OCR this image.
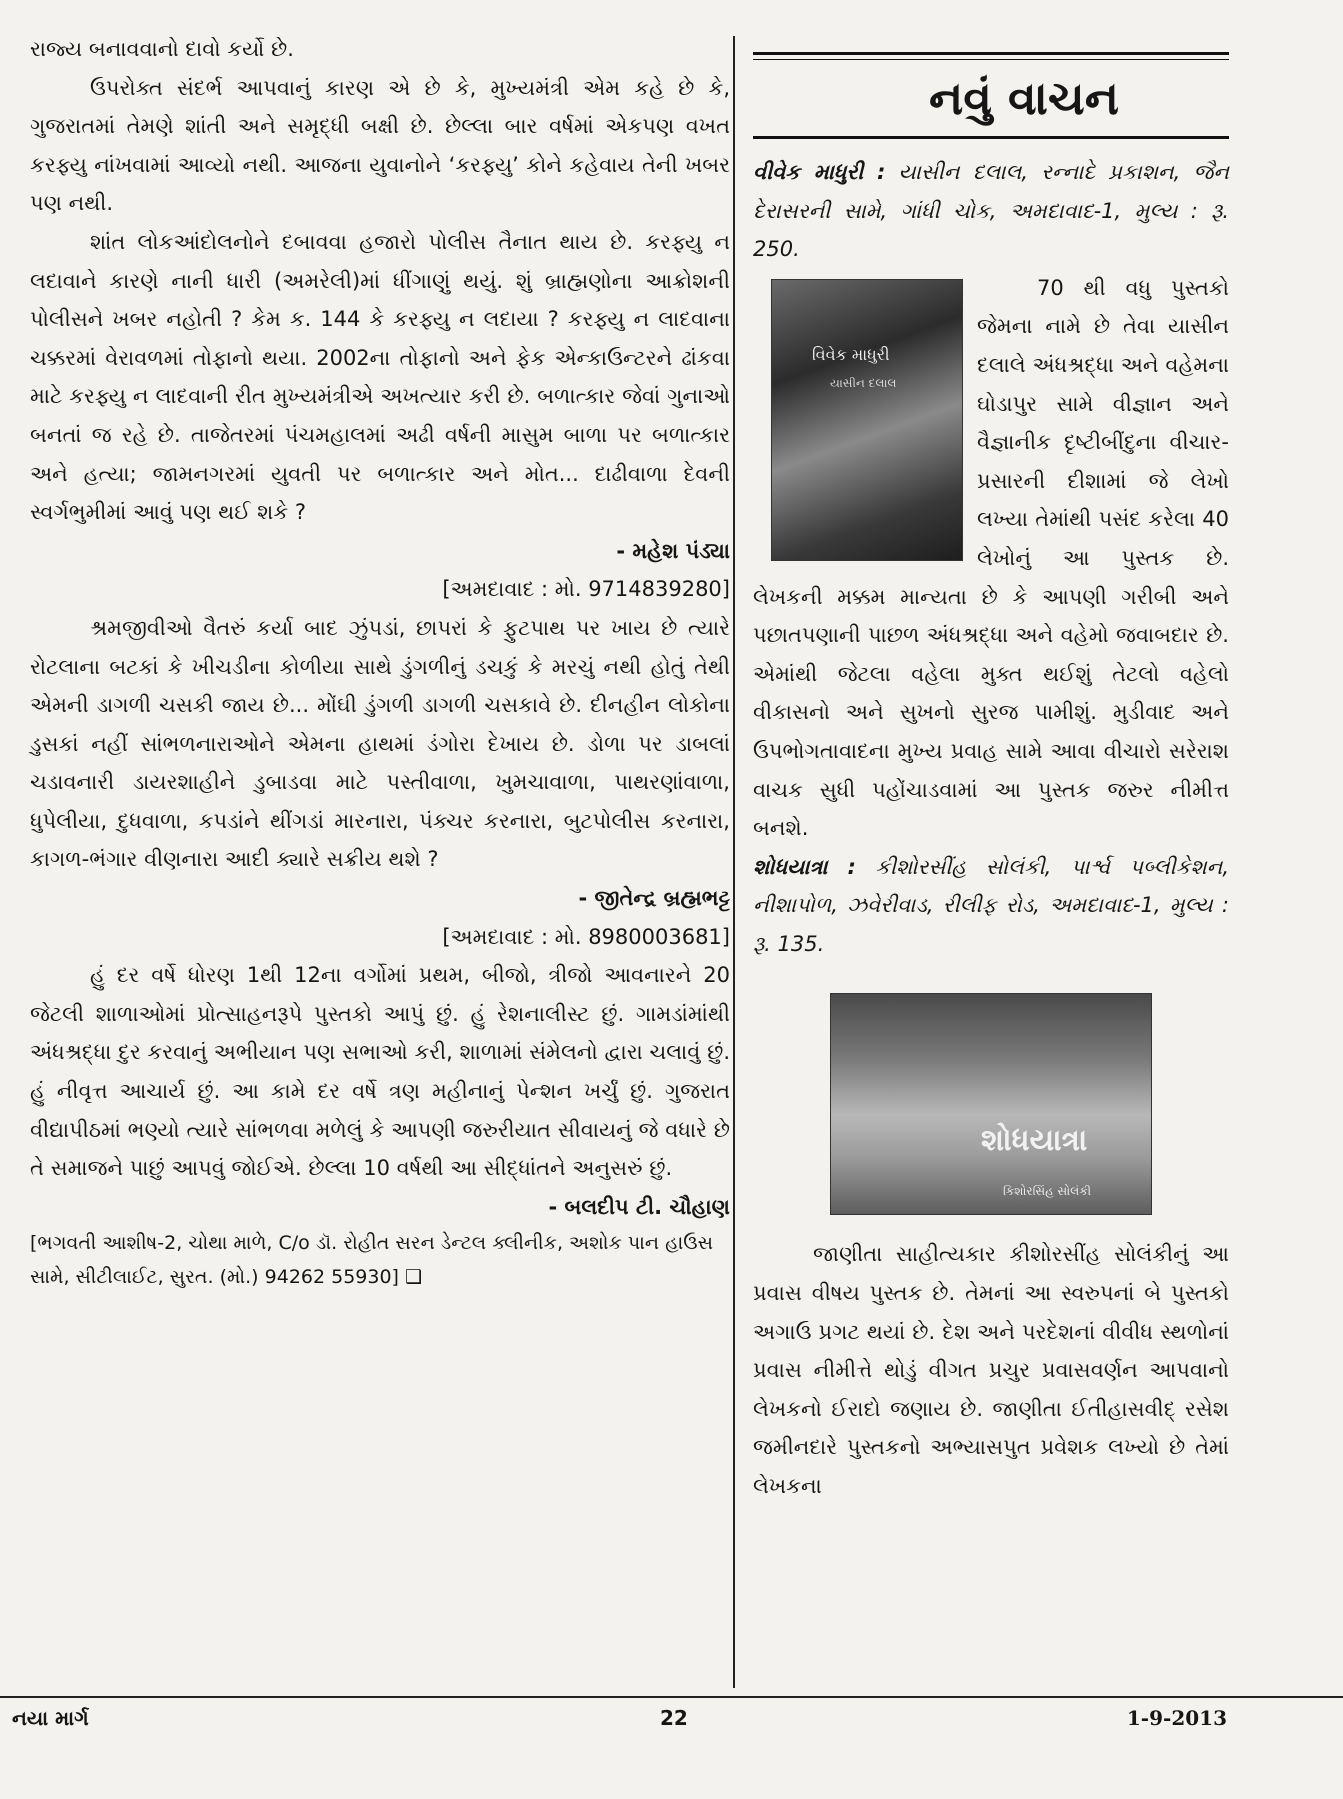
રાજ્ય બનાવવાનો દાવો કર્યો છે.

ઉપરોક્ત સંદર્ભ આપવાનું કારણ એ છે કે, મુખ્યમંત્રી એમ કહે છે કે, ગુજરાતમાં તેમણે શાંતી અને સમૃદ્ધી બક્ષી છે. છેલ્લા બાર વર્ષમાં એકપણ વખત કરફ્યુ નાંખવામાં આવ્યો નથી. આજના યુવાનોને ‘કરફ્યુ’ કોને કહેવાય તેની ખબર પણ નથી.

શાંત લોકઆંદોલનોને દબાવવા હજારો પોલીસ તૈનાત થાય છે. કરફ્યુ ન લદાવાને કારણે નાની ધારી (અમરેલી)માં ધીંગાણું થયું. શું બ્રાહ્મણોના આક્રોશની પોલીસને ખબર નહોતી ? કેમ ક. 144 કે કરફ્યુ ન લદાયા ? કરફ્યુ ન લાદવાના ચક્કરમાં વેરાવળમાં તોફાનો થયા. 2002ના તોફાનો અને ફેક એન્કાઉન્ટરને ઢાંકવા માટે કરફ્યુ ન લાદવાની રીત મુખ્યમંત્રીએ અખત્યાર કરી છે. બળાત્કાર જેવાં ગુનાઓ બનતાં જ રહે છે. તાજેતરમાં પંચમહાલમાં અઢી વર્ષની માસુમ બાળા પર બળાત્કાર અને હત્યા; જામનગરમાં યુવતી પર બળાત્કાર અને મોત... દાઢીવાળા દેવની સ્વર્ગભુમીમાં આવું પણ થઈ શકે ?

- મહેશ પંડ્યા

[અમદાવાદ : મો. 9714839280]

શ્રમજીવીઓ વૈતરું કર્યા બાદ ઝુંપડાં, છાપરાં કે ફુટપાથ પર ખાય છે ત્યારે રોટલાના બટકાં કે ખીચડીના કોળીયા સાથે ડુંગળીનું ડચકું કે મરચું નથી હોતું તેથી એમની ડાગળી ચસકી જાય છે... મોંઘી ડુંગળી ડાગળી ચસકાવે છે. દીનહીન લોકોના ડુસકાં નહીં સાંભળનારાઓને એમના હાથમાં ડંગોરા દેખાય છે. ડોળા પર ડાબલાં ચડાવનારી ડાયરશાહીને ડુબાડવા માટે પસ્તીવાળા, ખુમચાવાળા, પાથરણાંવાળા, ધુપેલીયા, દુધવાળા, કપડાંને થીંગડાં મારનારા, પંક્ચર કરનારા, બુટપોલીસ કરનારા, કાગળ-ભંગાર વીણનારા આદી ક્યારે સક્રીય થશે ?

- જીતેન્દ્ર બ્રહ્મભટ્ટ

[અમદાવાદ : મો. 8980003681]

હું દર વર્ષે ધોરણ 1થી 12ના વર્ગોમાં પ્રથમ, બીજો, ત્રીજો આવનારને 20 જેટલી શાળાઓમાં પ્રોત્સાહનરૂપે પુસ્તકો આપું છું. હું રેશનાલીસ્ટ છું. ગામડાંમાંથી અંધશ્રદ્ધા દુર કરવાનું અભીયાન પણ સભાઓ કરી, શાળામાં સંમેલનો દ્વારા ચલાવું છું. હું નીવૃત્ત આચાર્ય છું. આ કામે દર વર્ષે ત્રણ મહીનાનું પેન્શન ખર્ચું છું. ગુજરાત વીદ્યાપીઠમાં ભણ્યો ત્યારે સાંભળવા મળેલું કે આપણી જરુરીયાત સીવાયનું જે વધારે છે તે સમાજને પાછું આપવું જોઈએ. છેલ્લા 10 વર્ષથી આ સીદ્ધાંતને અનુસરું છું.

- બલદીપ ટી. ચૌહાણ

[ભગવતી આશીષ-2, ચોથા માળે, C/o ડૉ. રોહીત સરન ડેન્ટલ ક્લીનીક, અશોક પાન હાઉસ સામે, સીટીલાઈટ, સુરત. (મો.) 94262 55930] ❑

નવું વાચન

વીવેક માધુરી : યાસીન દલાલ, રન્નાદે પ્રકાશન, જૈન દેરાસરની સામે, ગાંધી ચોક, અમદાવાદ-1, મુલ્ય : રૂ. 250.

વિવેક માધુરી
યાસીન દલાલ

70 થી વધુ પુસ્તકો જેમના નામે છે તેવા યાસીન દલાલે અંધશ્રદ્ધા અને વહેમના ઘોડાપુર સામે વીજ્ઞાન અને વૈજ્ઞાનીક દૃષ્ટીબીંદુના વીચાર-પ્રસારની દીશામાં જે લેખો લખ્યા તેમાંથી પસંદ કરેલા 40 લેખોનું આ પુસ્તક છે. લેખકની મક્કમ માન્યતા છે કે આપણી ગરીબી અને પછાતપણાની પાછળ અંધશ્રદ્ધા અને વહેમો જવાબદાર છે. એમાંથી જેટલા વહેલા મુક્ત થઈશું તેટલો વહેલો વીકાસનો અને સુખનો સુરજ પામીશું. મુડીવાદ અને ઉપભોગતાવાદના મુખ્ય પ્રવાહ સામે આવા વીચારો સરેરાશ વાચક સુધી પહોંચાડવામાં આ પુસ્તક જરુર નીમીત્ત બનશે.

શોધયાત્રા : કીશોરસીંહ સોલંકી, પાર્શ્વ પબ્લીકેશન, નીશાપોળ, ઝવેરીવાડ, રીલીફ રોડ, અમદાવાદ-1, મુલ્ય : રૂ. 135.

શોધયાત્રા
કિશોરસિંહ સોલંકી

જાણીતા સાહીત્યકાર કીશોરસીંહ સોલંકીનું આ પ્રવાસ વીષય પુસ્તક છે. તેમનાં આ સ્વરુપનાં બે પુસ્તકો અગાઉ પ્રગટ થયાં છે. દેશ અને પરદેશનાં વીવીધ સ્થળોનાં પ્રવાસ નીમીત્તે થોડું વીગત પ્રચુર પ્રવાસવર્ણન આપવાનો લેખકનો ઈરાદો જણાય છે. જાણીતા ઈતીહાસવીદ્ રસેશ જમીનદારે પુસ્તકનો અભ્યાસપુત પ્રવેશક લખ્યો છે તેમાં લેખકના

નયા માર્ગ	22	1-9-2013
